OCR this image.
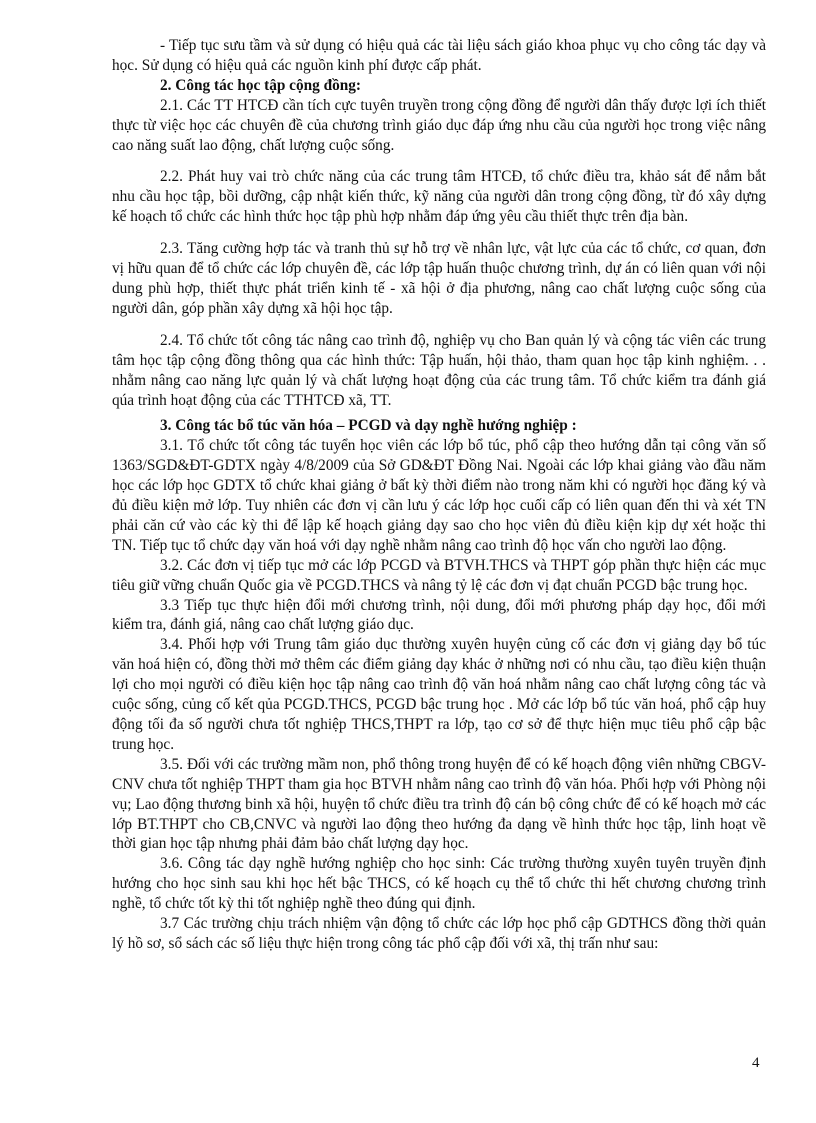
- Tiếp tục sưu tầm và sử dụng có hiệu quả các tài liệu sách giáo khoa phục vụ cho công tác dạy và học. Sử dụng có hiệu quả các nguồn kinh phí được cấp phát.

2. Công tác học tập cộng đồng:

2.1. Các TT HTCĐ cần tích cực tuyên truyền trong cộng đồng để người dân thấy được lợi ích thiết thực từ việc học các chuyên đề của chương trình giáo dục đáp ứng nhu cầu của người học trong việc nâng cao năng suất lao động, chất lượng cuộc sống.

2.2. Phát huy vai trò chức năng của các trung tâm HTCĐ, tổ chức điều tra, khảo sát để nắm bắt nhu cầu học tập, bồi dưỡng, cập nhật kiến thức, kỹ năng của người dân trong cộng đồng, từ đó xây dựng kế hoạch tổ chức các hình thức học tập phù hợp nhằm đáp ứng yêu cầu thiết thực trên địa bàn.

2.3. Tăng cường hợp tác và tranh thủ sự hỗ trợ về nhân lực, vật lực của các tổ chức, cơ quan, đơn vị hữu quan để tổ chức các lớp chuyên đề, các lớp tập huấn thuộc chương trình, dự án có liên quan với nội dung phù hợp, thiết thực phát triển kinh tế - xã hội ở địa phương, nâng cao chất lượng cuộc sống của người dân, góp phần xây dựng xã hội học tập.

2.4. Tổ chức tốt công tác nâng cao trình độ, nghiệp vụ cho Ban quản lý và cộng tác viên các trung tâm học tập cộng đồng thông qua các hình thức: Tập huấn, hội thảo, tham quan học tập kinh nghiệm. . . nhằm nâng cao năng lực quản lý và chất lượng hoạt động của các trung tâm. Tổ chức kiểm tra đánh giá qúa trình hoạt động của các TTHTCĐ xã, TT.

3. Công tác bổ túc văn hóa – PCGD và dạy nghề hướng nghiệp :

3.1. Tổ chức tốt công tác tuyển học viên các lớp bổ túc, phổ cập theo hướng dẫn tại công văn số 1363/SGD&ĐT-GDTX ngày 4/8/2009 của Sở GD&ĐT Đồng Nai. Ngoài các lớp khai giảng vào đầu năm học các lớp học GDTX tổ chức khai giảng ở bất kỳ thời điểm nào trong năm khi có người học đăng ký và đủ điều kiện mở lớp. Tuy nhiên các đơn vị cần lưu ý các lớp học cuối cấp có liên quan đến thi và xét TN phải căn cứ vào các kỳ thi để lập kế hoạch giảng dạy sao cho học viên đủ điều kiện kịp dự xét hoặc thi TN. Tiếp tục tổ chức dạy văn hoá với dạy nghề nhằm nâng cao trình độ học vấn cho người lao động.

3.2. Các đơn vị tiếp tục mở các lớp PCGD và BTVH.THCS và THPT góp phần thực hiện các mục tiêu giữ vững chuẩn Quốc gia về PCGD.THCS và nâng tỷ lệ các đơn vị đạt chuẩn PCGD bậc trung học.

3.3 Tiếp tục thực hiện đổi mới chương trình, nội dung, đổi mới phương pháp dạy học, đổi mới kiểm tra, đánh giá, nâng cao chất lượng giáo dục.

3.4. Phối hợp với Trung tâm giáo dục thường xuyên huyện củng cố các đơn vị giảng dạy bổ túc văn hoá hiện có, đồng thời mở thêm các điểm giảng dạy khác ở những nơi có nhu cầu, tạo điều kiện thuận lợi cho mọi người có điều kiện học tập nâng cao trình độ văn hoá nhằm nâng cao chất lượng công tác và cuộc sống, củng cố kết qủa PCGD.THCS, PCGD bậc trung học . Mở các lớp bổ túc văn hoá, phổ cập huy động tối đa số người chưa tốt nghiệp THCS,THPT ra lớp, tạo cơ sở để thực hiện mục tiêu phổ cập bậc trung học.

3.5. Đối với các trường mầm non, phổ thông trong huyện để có kế hoạch động viên những CBGV-CNV chưa tốt nghiệp THPT tham gia học BTVH nhằm nâng cao trình độ văn hóa. Phối hợp với Phòng nội vụ; Lao động thương binh xã hội, huyện tổ chức điều tra trình độ cán bộ công chức để có kế hoạch mở các lớp BT.THPT cho CB,CNVC và người lao động theo hướng đa dạng về hình thức học tập, linh hoạt về thời gian học tập nhưng phải đảm bảo chất lượng dạy học.

3.6. Công tác dạy nghề hướng nghiệp cho học sinh: Các trường thường xuyên tuyên truyền định hướng cho học sinh sau khi học hết bậc THCS, có kế hoạch cụ thể tổ chức thi hết chương chương trình nghề, tổ chức tốt kỳ thi tốt nghiệp nghề theo đúng qui định.

3.7 Các trường chịu trách nhiệm vận động tổ chức các lớp học phổ cập GDTHCS đồng thời quản lý hồ sơ, sổ sách các số liệu thực hiện trong công tác phổ cập đối với xã, thị trấn như sau:

4
